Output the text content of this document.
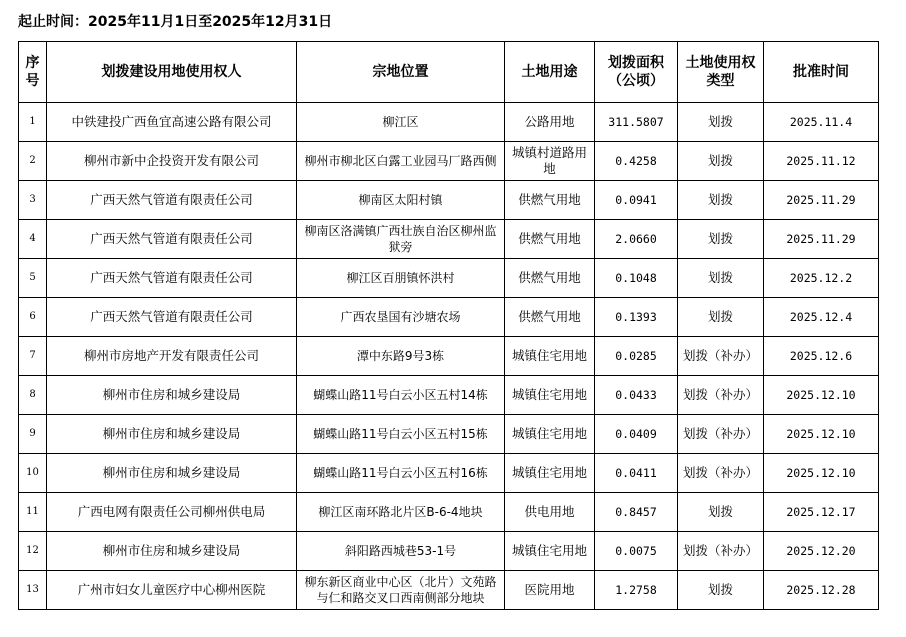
起止时间：2025年11月1日至2025年12月31日
序号	划拨建设用地使用权人	宗地位置	土地用途	划拨面积（公顷）	土地使用权类型	批准时间
1	中铁建投广西鱼宜高速公路有限公司	柳江区	公路用地	311.5807	划拨	2025.11.4
2	柳州市新中企投资开发有限公司	柳州市柳北区白露工业园马厂路西侧	城镇村道路用地	0.4258	划拨	2025.11.12
3	广西天然气管道有限责任公司	柳南区太阳村镇	供燃气用地	0.0941	划拨	2025.11.29
4	广西天然气管道有限责任公司	柳南区洛满镇广西壮族自治区柳州监狱旁	供燃气用地	2.0660	划拨	2025.11.29
5	广西天然气管道有限责任公司	柳江区百朋镇怀洪村	供燃气用地	0.1048	划拨	2025.12.2
6	广西天然气管道有限责任公司	广西农垦国有沙塘农场	供燃气用地	0.1393	划拨	2025.12.4
7	柳州市房地产开发有限责任公司	潭中东路9号3栋	城镇住宅用地	0.0285	划拨（补办）	2025.12.6
8	柳州市住房和城乡建设局	蝴蝶山路11号白云小区五村14栋	城镇住宅用地	0.0433	划拨（补办）	2025.12.10
9	柳州市住房和城乡建设局	蝴蝶山路11号白云小区五村15栋	城镇住宅用地	0.0409	划拨（补办）	2025.12.10
10	柳州市住房和城乡建设局	蝴蝶山路11号白云小区五村16栋	城镇住宅用地	0.0411	划拨（补办）	2025.12.10
11	广西电网有限责任公司柳州供电局	柳江区南环路北片区B-6-4地块	供电用地	0.8457	划拨	2025.12.17
12	柳州市住房和城乡建设局	斜阳路西城巷53-1号	城镇住宅用地	0.0075	划拨（补办）	2025.12.20
13	广州市妇女儿童医疗中心柳州医院	柳东新区商业中心区（北片）文苑路与仁和路交叉口西南侧部分地块	医院用地	1.2758	划拨	2025.12.28
